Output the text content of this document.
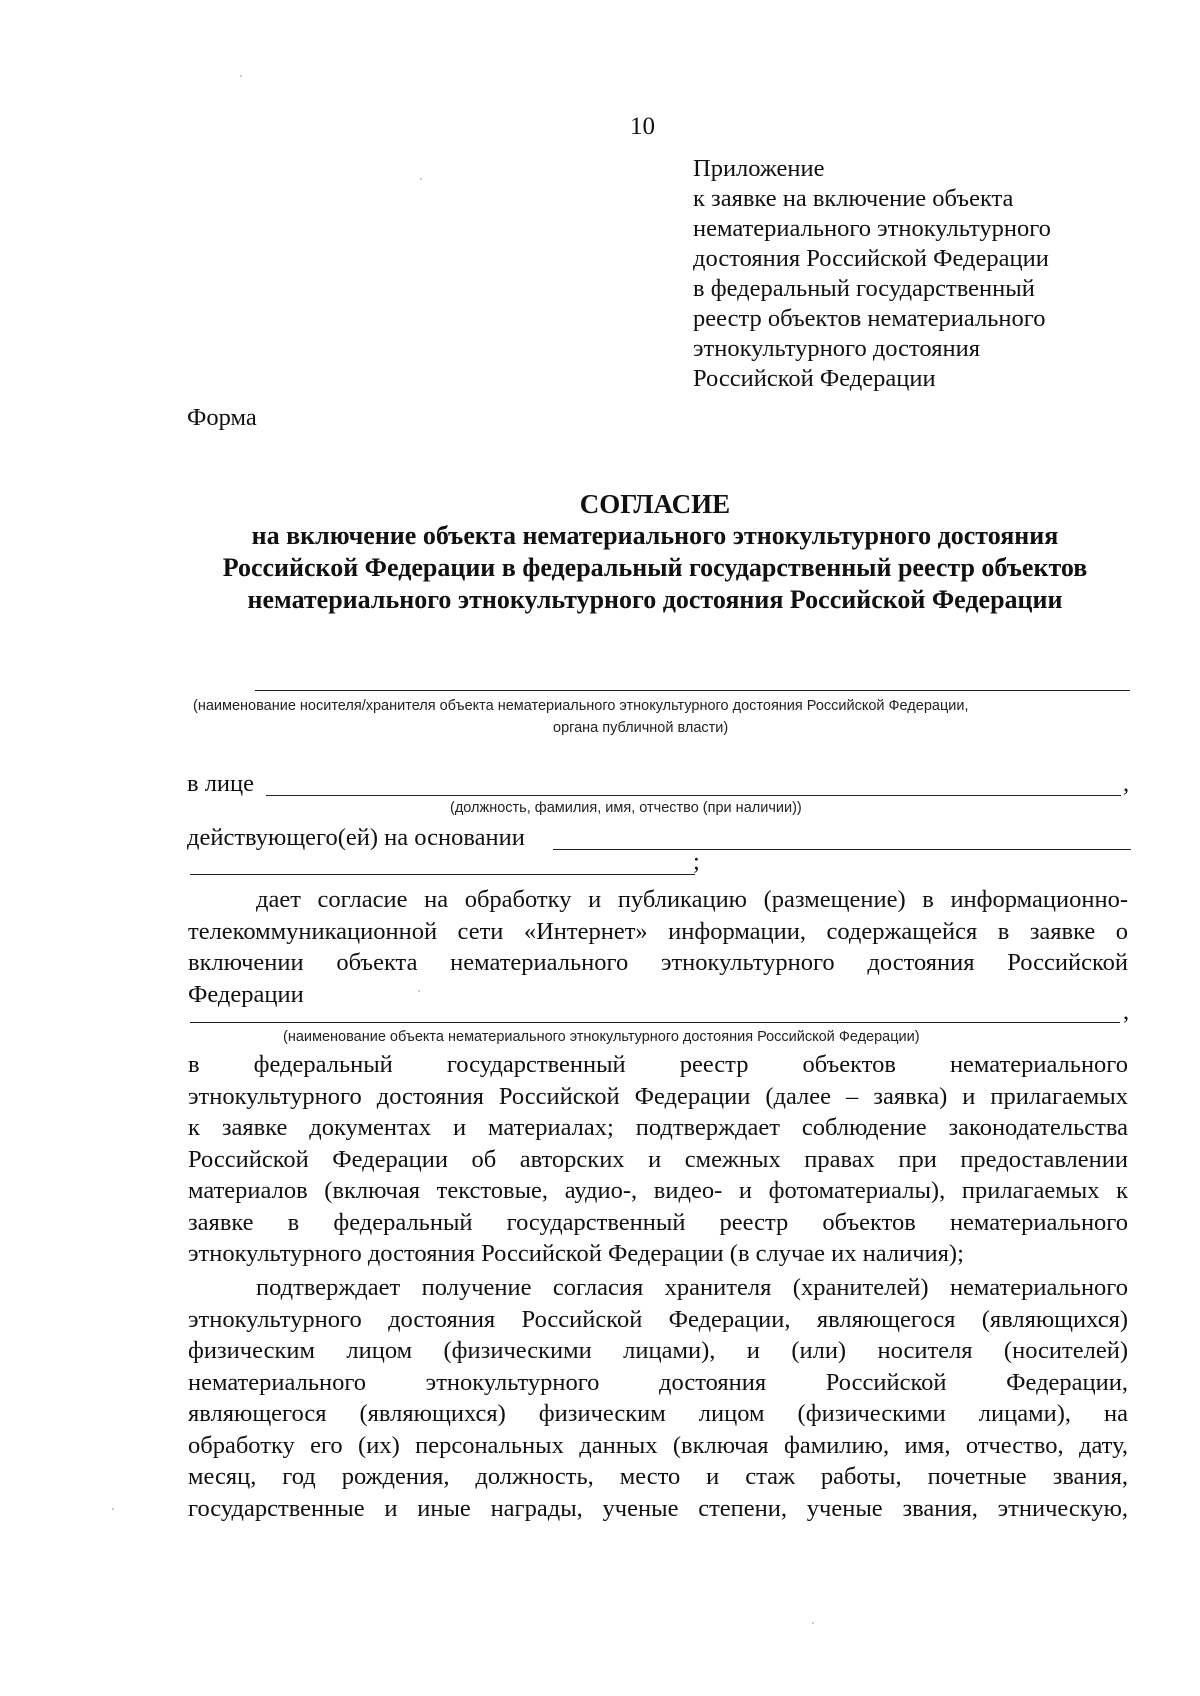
10
Приложение
к заявке на включение объекта
нематериального этнокультурного
достояния Российской Федерации
в федеральный государственный
реестр объектов нематериального
этнокультурного достояния
Российской Федерации
Форма
СОГЛАСИЕ
на включение объекта нематериального этнокультурного достояния
Российской Федерации в федеральный государственный реестр объектов
нематериального этнокультурного достояния Российской Федерации
(наименование носителя/хранителя объекта нематериального этнокультурного достояния Российской Федерации,
органа публичной власти)
в лице	,
(должность, фамилия, имя, отчество (при наличии))
действующего(ей) на основании
;
дает согласие на обработку и публикацию (размещение) в информационно-
телекоммуникационной сети «Интернет» информации, содержащейся в заявке о
включении объекта нематериального этнокультурного достояния Российской
Федерации
,
(наименование объекта нематериального этнокультурного достояния Российской Федерации)
в федеральный государственный реестр объектов нематериального
этнокультурного достояния Российской Федерации (далее – заявка) и прилагаемых
к заявке документах и материалах; подтверждает соблюдение законодательства
Российской Федерации об авторских и смежных правах при предоставлении
материалов (включая текстовые, аудио-, видео- и фотоматериалы), прилагаемых к
заявке в федеральный государственный реестр объектов нематериального
этнокультурного достояния Российской Федерации (в случае их наличия);
подтверждает получение согласия хранителя (хранителей) нематериального
этнокультурного достояния Российской Федерации, являющегося (являющихся)
физическим лицом (физическими лицами), и (или) носителя (носителей)
нематериального этнокультурного достояния Российской Федерации,
являющегося (являющихся) физическим лицом (физическими лицами), на
обработку его (их) персональных данных (включая фамилию, имя, отчество, дату,
месяц, год рождения, должность, место и стаж работы, почетные звания,
государственные и иные награды, ученые степени, ученые звания, этническую,
